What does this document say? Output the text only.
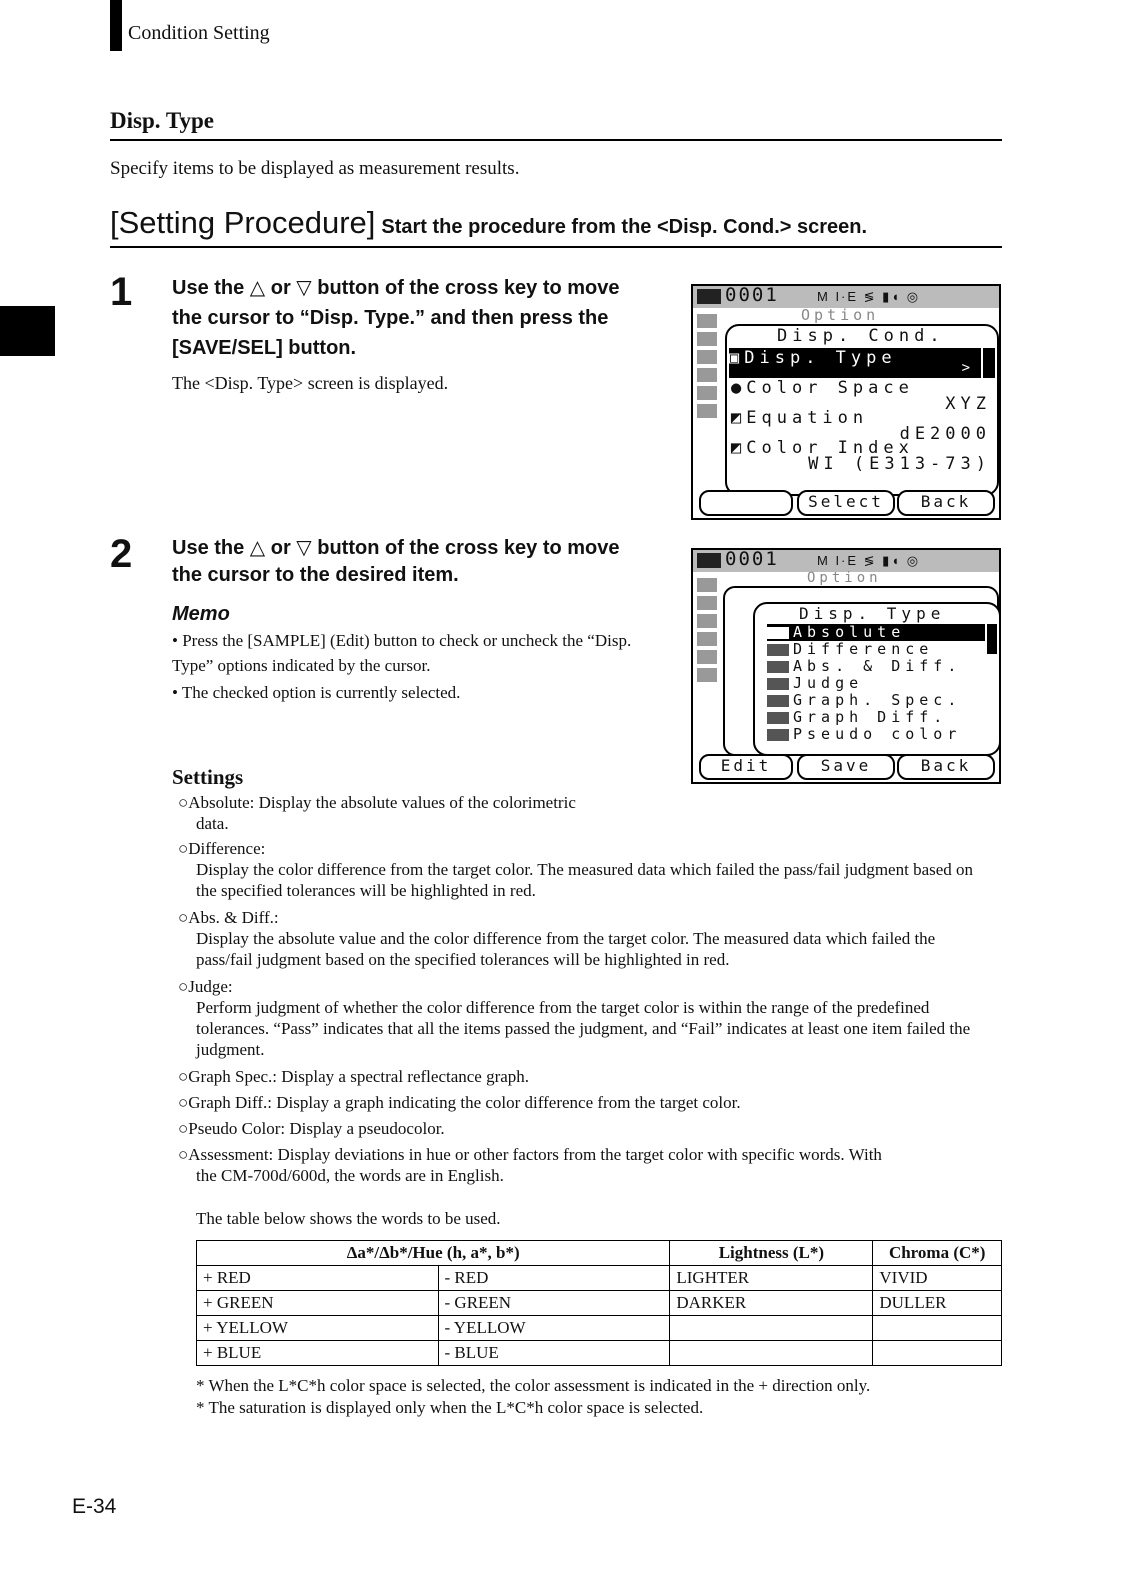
Condition Setting
Disp. Type
Specify items to be displayed as measurement results.
[Setting Procedure] Start the procedure from the <Disp. Cond.> screen.
1 Use the △ or ▽ button of the cross key to move the cursor to “Disp. Type.” and then press the [SAVE/SEL] button.
The <Disp. Type> screen is displayed.
0001	M I·E ≶ ▮◖ ◎
Option
Disp. Cond.
▣Disp. Type	>
●Color Space
XYZ
◩Equation
dE2000
◩Color Index
WI (E313-73)
Select	Back
2 Use the △ or ▽ button of the cross key to move the cursor to the desired item.
Memo
• Press the [SAMPLE] (Edit) button to check or uncheck the “Disp. Type” options indicated by the cursor.
• The checked option is currently selected.
0001	M I·E ≶ ▮◖ ◎
Option
Disp. Type
Absolute
Difference
Abs. & Diff.
Judge
Graph. Spec.
Graph Diff.
Pseudo color
Edit	Save	Back
Settings
○Absolute: Display the absolute values of the colorimetric
data.
○Difference:
Display the color difference from the target color. The measured data which failed the pass/fail judgment based on the specified tolerances will be highlighted in red.
○Abs. & Diff.:
Display the absolute value and the color difference from the target color. The measured data which failed the pass/fail judgment based on the specified tolerances will be highlighted in red.
○Judge:
Perform judgment of whether the color difference from the target color is within the range of the predefined tolerances. “Pass” indicates that all the items passed the judgment, and “Fail” indicates at least one item failed the judgment.
○Graph Spec.: Display a spectral reflectance graph.
○Graph Diff.: Display a graph indicating the color difference from the target color.
○Pseudo Color: Display a pseudocolor.
○Assessment: Display deviations in hue or other factors from the target color with specific words. With
the CM-700d/600d, the words are in English.
The table below shows the words to be used.
Δa*/Δb*/Hue (h, a*, b*)		Lightness (L*)	Chroma (C*)
+ RED	- RED	LIGHTER	VIVID
+ GREEN	- GREEN	DARKER	DULLER
+ YELLOW	- YELLOW		
+ BLUE	- BLUE		
* When the L*C*h color space is selected, the color assessment is indicated in the + direction only.
* The saturation is displayed only when the L*C*h color space is selected.
E-34
